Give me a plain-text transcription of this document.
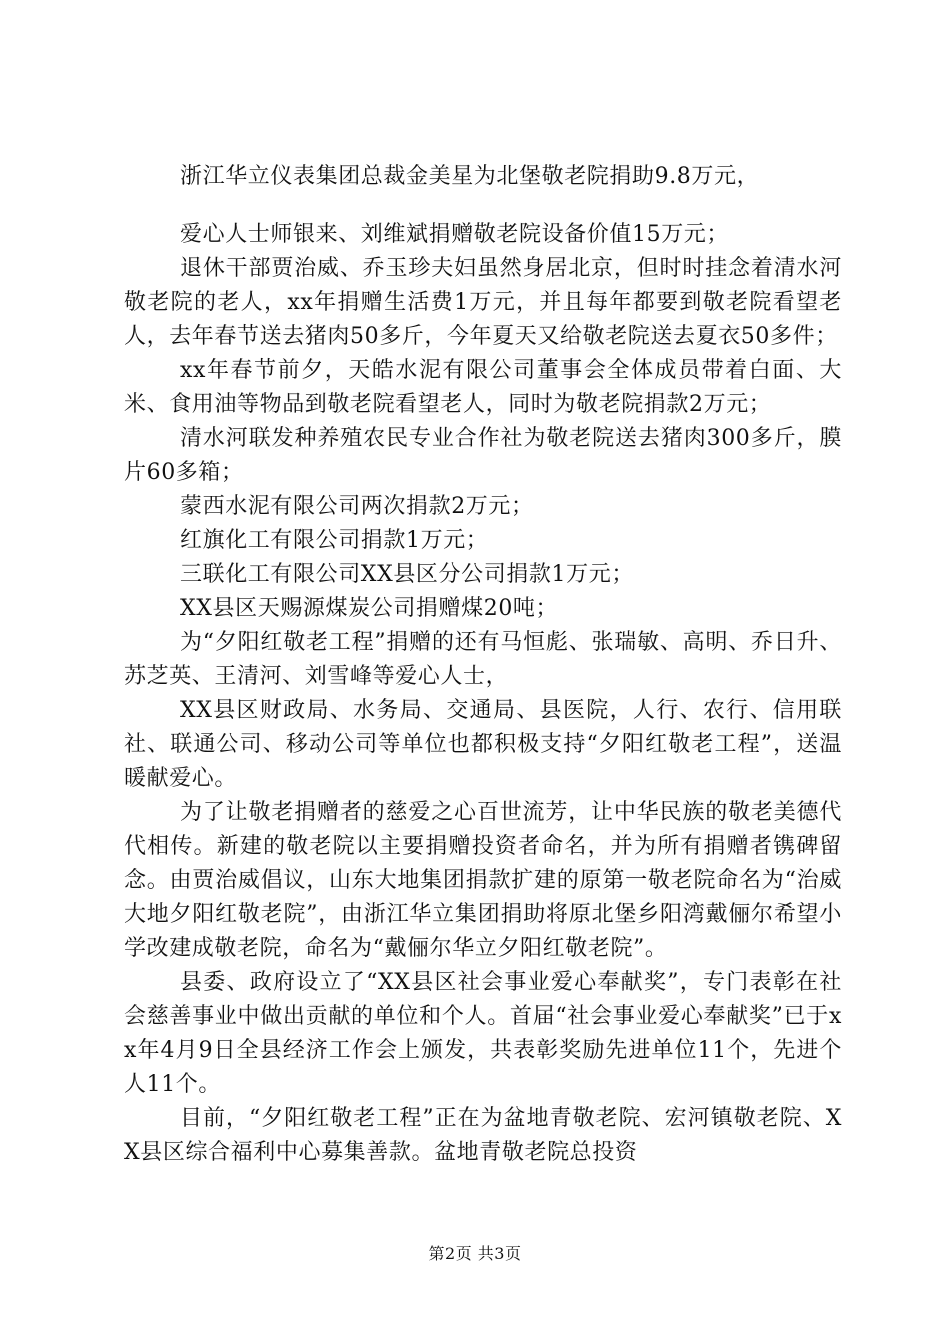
浙江华立仪表集团总裁金美星为北堡敬老院捐助9.8万元，

爱心人士师银来、刘维斌捐赠敬老院设备价值15万元；

退休干部贾治威、乔玉珍夫妇虽然身居北京，但时时挂念着清水河敬老院的老人，xx年捐赠生活费1万元，并且每年都要到敬老院看望老人，去年春节送去猪肉50多斤，今年夏天又给敬老院送去夏衣50多件；

xx年春节前夕，天皓水泥有限公司董事会全体成员带着白面、大米、食用油等物品到敬老院看望老人，同时为敬老院捐款2万元；

清水河联发种养殖农民专业合作社为敬老院送去猪肉300多斤，膜片60多箱；

蒙西水泥有限公司两次捐款2万元；

红旗化工有限公司捐款1万元；

三联化工有限公司XX县区分公司捐款1万元；

XX县区天赐源煤炭公司捐赠煤20吨；

为“夕阳红敬老工程”捐赠的还有马恒彪、张瑞敏、高明、乔日升、苏芝英、王清河、刘雪峰等爱心人士，

XX县区财政局、水务局、交通局、县医院，人行、农行、信用联社、联通公司、移动公司等单位也都积极支持“夕阳红敬老工程”，送温暖献爱心。

为了让敬老捐赠者的慈爱之心百世流芳，让中华民族的敬老美德代代相传。新建的敬老院以主要捐赠投资者命名，并为所有捐赠者镌碑留念。由贾治威倡议，山东大地集团捐款扩建的原第一敬老院命名为“治威大地夕阳红敬老院”，由浙江华立集团捐助将原北堡乡阳湾戴俪尔希望小学改建成敬老院，命名为“戴俪尔华立夕阳红敬老院”。

县委、政府设立了“XX县区社会事业爱心奉献奖”，专门表彰在社会慈善事业中做出贡献的单位和个人。首届“社会事业爱心奉献奖”已于xx年4月9日全县经济工作会上颁发，共表彰奖励先进单位11个，先进个人11个。

目前，“夕阳红敬老工程”正在为盆地青敬老院、宏河镇敬老院、XX县区综合福利中心募集善款。盆地青敬老院总投资

第2页 共3页
